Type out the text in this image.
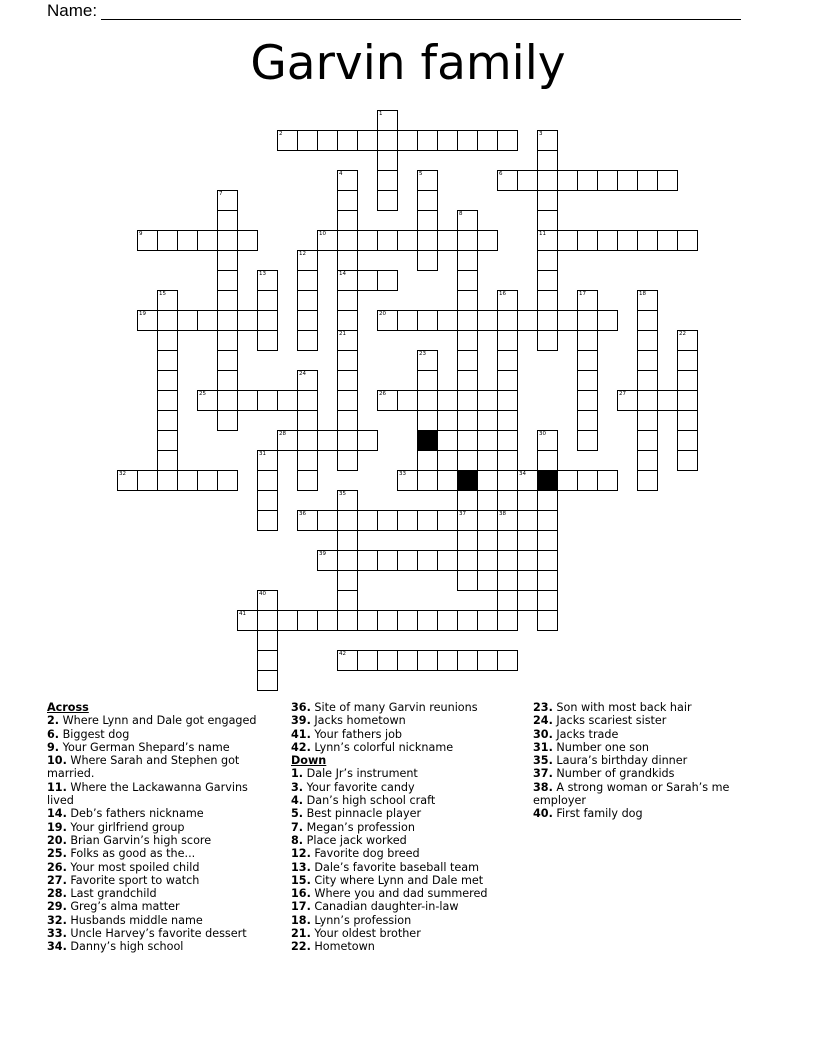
Name:
Garvin family
1
2	3
11
4
14
21
5	6
7
8
37
9	10
12
13
15	16
38
17	18
19	20
22
23
24
25	26	27
28	30
31
32	33	34
35
36
39
40
41
42
Across
2. Where Lynn and Dale got engaged
6. Biggest dog
9. Your German Shepard’s name
10. Where Sarah and Stephen got married.
11. Where the Lackawanna Garvins lived
14. Deb’s fathers nickname
19. Your girlfriend group
20. Brian Garvin’s high score
25. Folks as good as the...
26. Your most spoiled child
27. Favorite sport to watch
28. Last grandchild
29. Greg’s alma matter
32. Husbands middle name
33. Uncle Harvey’s favorite dessert
34. Danny’s high school
36. Site of many Garvin reunions
39. Jacks hometown
41. Your fathers job
42. Lynn’s colorful nickname
Down
1. Dale Jr’s instrument
3. Your favorite candy
4. Dan’s high school craft
5. Best pinnacle player
7. Megan’s profession
8. Place jack worked
12. Favorite dog breed
13. Dale’s favorite baseball team
15. City where Lynn and Dale met
16. Where you and dad summered
17. Canadian daughter-in-law
18. Lynn’s profession
21. Your oldest brother
22. Hometown
23. Son with most back hair
24. Jacks scariest sister
30. Jacks trade
31. Number one son
35. Laura’s birthday dinner
37. Number of grandkids
38. A strong woman or Sarah’s me employer
40. First family dog
